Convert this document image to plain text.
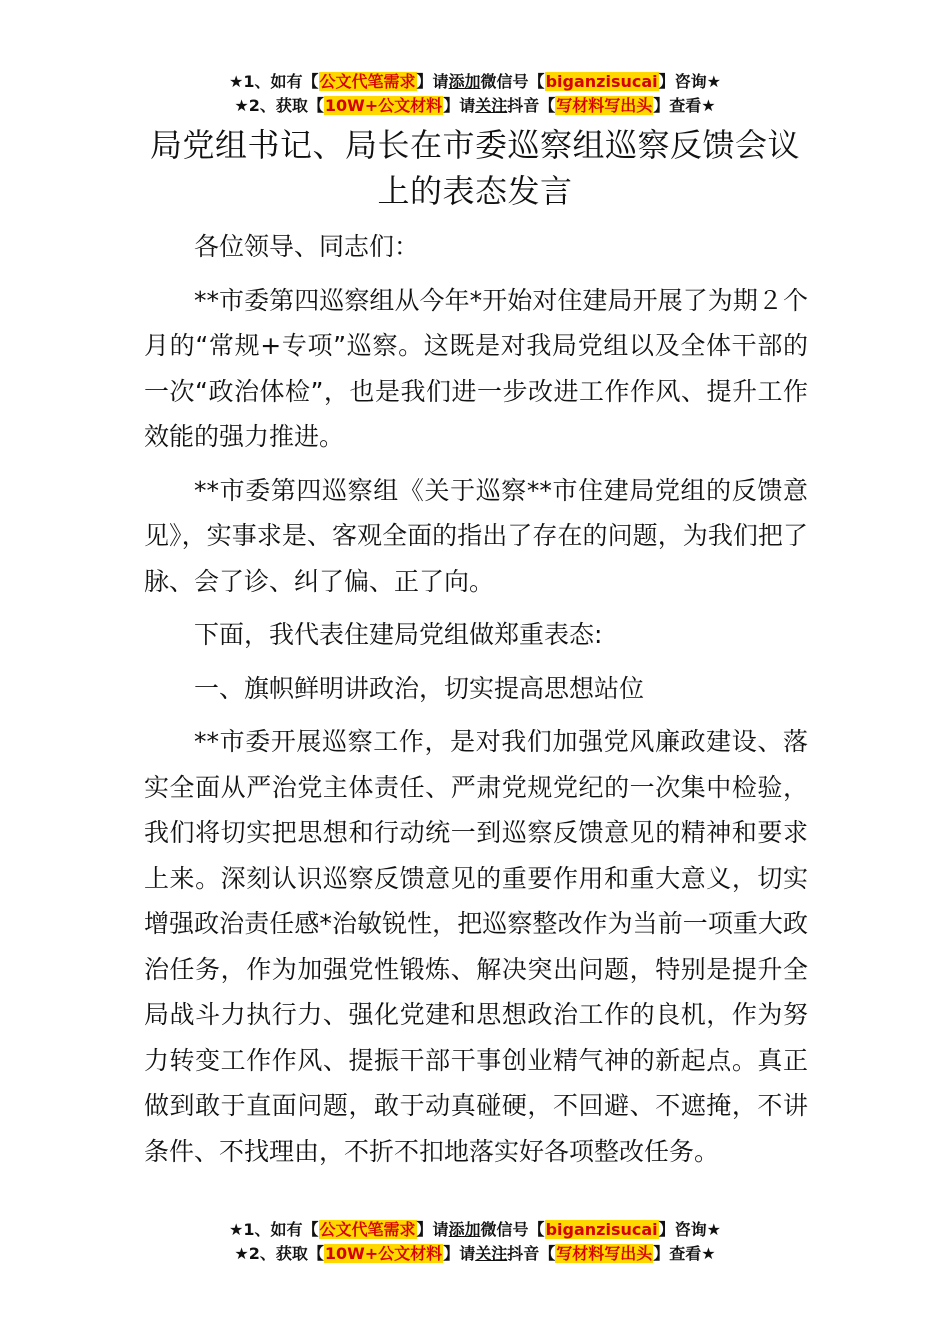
★1、如有【公文代笔需求】请添加微信号【biganzisucai】咨询★
★2、获取【10W+公文材料】请关注抖音【写材料写出头】查看★
局党组书记、局长在市委巡察组巡察反馈会议上的表态发言

各位领导、同志们：

**市委第四巡察组从今年*开始对住建局开展了为期２个月的“常规+专项”巡察。这既是对我局党组以及全体干部的一次“政治体检”，也是我们进一步改进工作作风、提升工作效能的强力推进。

**市委第四巡察组《关于巡察**市住建局党组的反馈意见》，实事求是、客观全面的指出了存在的问题，为我们把了脉、会了诊、纠了偏、正了向。

下面，我代表住建局党组做郑重表态:

一、旗帜鲜明讲政治，切实提高思想站位

**市委开展巡察工作，是对我们加强党风廉政建设、落实全面从严治党主体责任、严肃党规党纪的一次集中检验，我们将切实把思想和行动统一到巡察反馈意见的精神和要求上来。深刻认识巡察反馈意见的重要作用和重大意义，切实增强政治责任感*治敏锐性，把巡察整改作为当前一项重大政治任务，作为加强党性锻炼、解决突出问题，特别是提升全局战斗力执行力、强化党建和思想政治工作的良机，作为努力转变工作作风、提振干部干事创业精气神的新起点。真正做到敢于直面问题，敢于动真碰硬，不回避、不遮掩，不讲条件、不找理由，不折不扣地落实好各项整改任务。

★1、如有【公文代笔需求】请添加微信号【biganzisucai】咨询★
★2、获取【10W+公文材料】请关注抖音【写材料写出头】查看★
